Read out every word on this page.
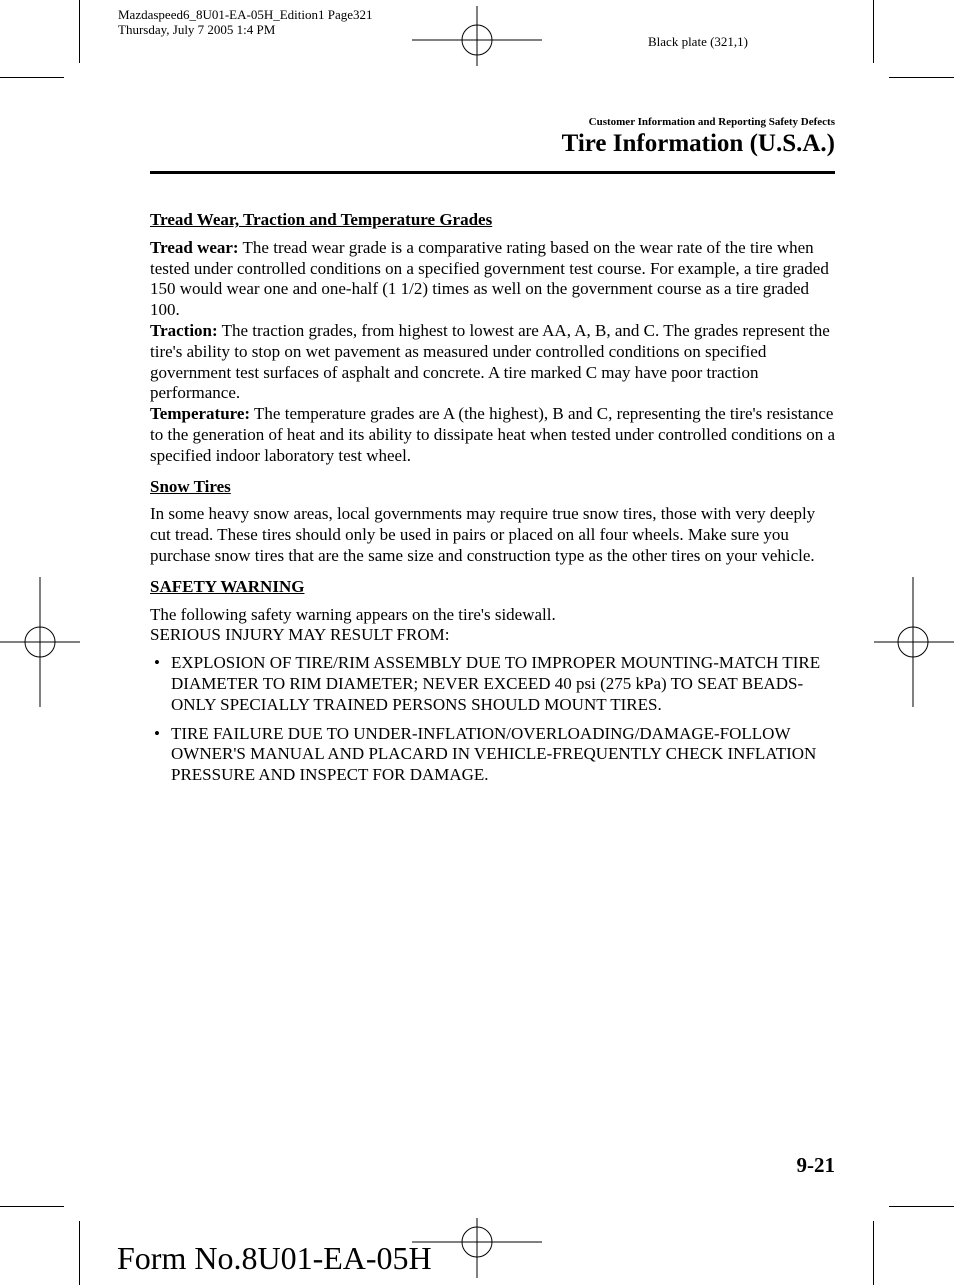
Mazdaspeed6_8U01-EA-05H_Edition1 Page321
Thursday, July 7 2005 1:4 PM
Black plate (321,1)
Customer Information and Reporting Safety Defects
Tire Information (U.S.A.)
Tread Wear, Traction and Temperature Grades

Tread wear: The tread wear grade is a comparative rating based on the wear rate of the tire when tested under controlled conditions on a specified government test course. For example, a tire graded 150 would wear one and one-half (1 1/2) times as well on the government course as a tire graded 100.

Traction: The traction grades, from highest to lowest are AA, A, B, and C. The grades represent the tire's ability to stop on wet pavement as measured under controlled conditions on specified government test surfaces of asphalt and concrete. A tire marked C may have poor traction performance.

Temperature: The temperature grades are A (the highest), B and C, representing the tire's resistance to the generation of heat and its ability to dissipate heat when tested under controlled conditions on a specified indoor laboratory test wheel.

Snow Tires

In some heavy snow areas, local governments may require true snow tires, those with very deeply cut tread. These tires should only be used in pairs or placed on all four wheels. Make sure you purchase snow tires that are the same size and construction type as the other tires on your vehicle.

SAFETY WARNING

The following safety warning appears on the tire's sidewall.

SERIOUS INJURY MAY RESULT FROM:

• EXPLOSION OF TIRE/RIM ASSEMBLY DUE TO IMPROPER MOUNTING-MATCH TIRE DIAMETER TO RIM DIAMETER; NEVER EXCEED 40 psi (275 kPa) TO SEAT BEADS-ONLY SPECIALLY TRAINED PERSONS SHOULD MOUNT TIRES.
• TIRE FAILURE DUE TO UNDER-INFLATION/OVERLOADING/DAMAGE-FOLLOW OWNER'S MANUAL AND PLACARD IN VEHICLE-FREQUENTLY CHECK INFLATION PRESSURE AND INSPECT FOR DAMAGE.
9-21
Form No.8U01-EA-05H
